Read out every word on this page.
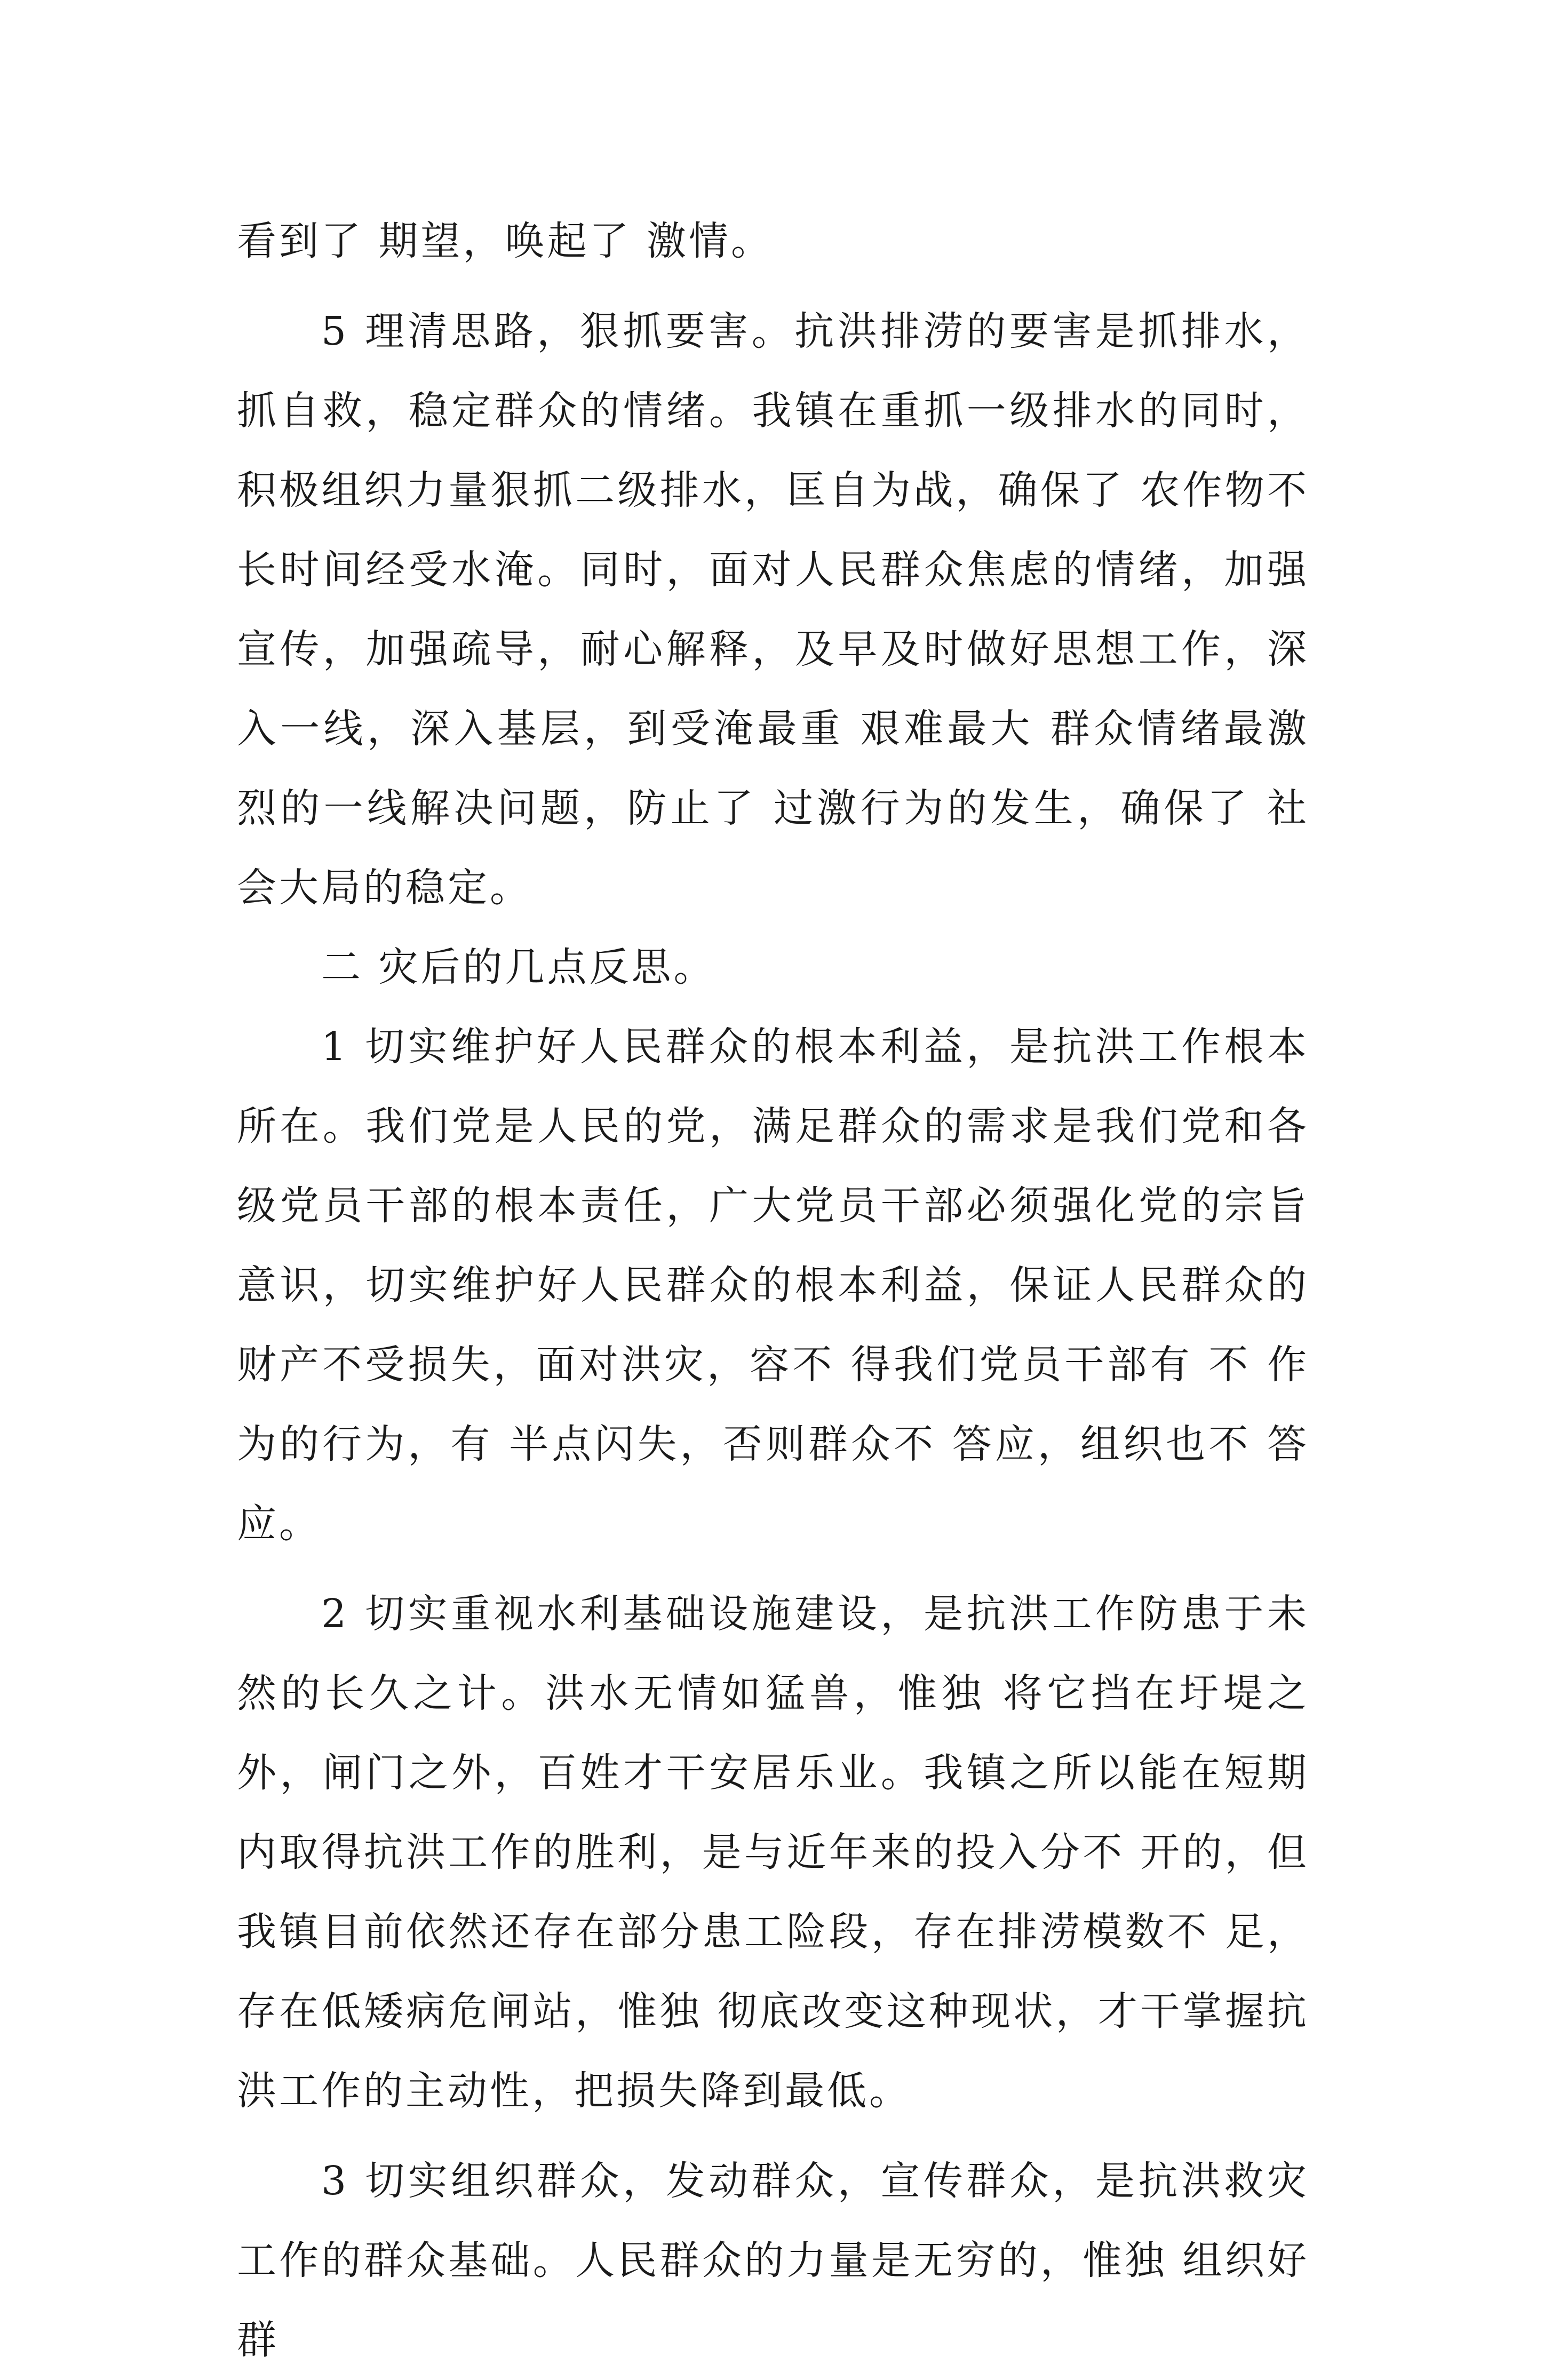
看到了 期望，唤起了 激情。

5 理清思路，狠抓要害。抗洪排涝的要害是抓排水，抓自救，稳定群众的情绪。我镇在重抓一级排水的同时，积极组织力量狠抓二级排水，匡自为战，确保了 农作物不 长时间经受水淹。同时，面对人民群众焦虑的情绪，加强宣传，加强疏导，耐心解释，及早及时做好思想工作，深入一线，深入基层，到受淹最重 艰难最大 群众情绪最激烈的一线解决问题，防止了 过激行为的发生，确保了 社会大局的稳定。

二 灾后的几点反思。

1 切实维护好人民群众的根本利益，是抗洪工作根本所在。我们党是人民的党，满足群众的需求是我们党和各级党员干部的根本责任，广大党员干部必须强化党的宗旨意识，切实维护好人民群众的根本利益，保证人民群众的财产不受损失，面对洪灾，容不 得我们党员干部有 不 作为的行为，有 半点闪失，否则群众不 答应，组织也不 答应。

2 切实重视水利基础设施建设，是抗洪工作防患于未然的长久之计。洪水无情如猛兽，惟独 将它挡在圩堤之外，闸门之外，百姓才干安居乐业。我镇之所以能在短期内取得抗洪工作的胜利，是与近年来的投入分不 开的，但我镇目前依然还存在部分患工险段，存在排涝模数不 足，存在低矮病危闸站，惟独 彻底改变这种现状，才干掌握抗洪工作的主动性，把损失降到最低。

3 切实组织群众，发动群众，宣传群众，是抗洪救灾工作的群众基础。人民群众的力量是无穷的，惟独 组织好群
